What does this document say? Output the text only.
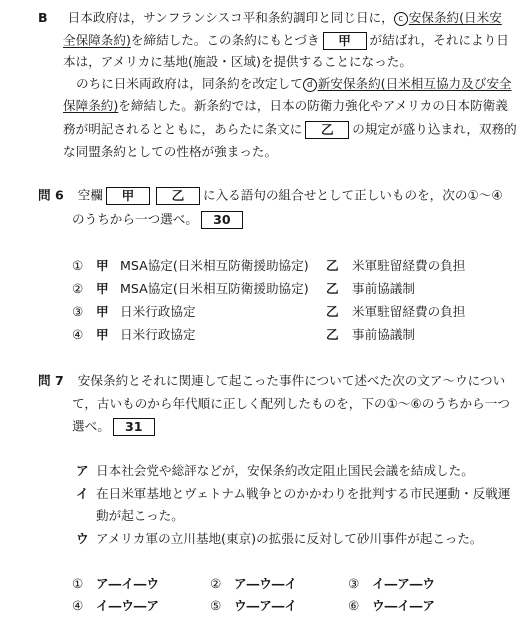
B 日本政府は，サンフランシスコ平和条約調印と同じ日に， c 安保条約(日米安
全保障条約)を締結した。この条約にもとづき 甲 が結ばれ，それにより日
本は，アメリカに基地(施設・区域)を提供することになった。
のちに日米両政府は，同条約を改定して d 新安保条約(日米相互協力及び安全
保障条約)を締結した。新条約では，日本の防衛力強化やアメリカの日本防衛義
務が明記されるとともに，あらたに条文に 乙 の規定が盛り込まれ，双務的
な同盟条約としての性格が強まった。
問 6 空欄 甲	乙 に入る語句の組合せとして正しいものを，次の①～④
のうちから一つ選べ。 30
① 甲 MSA協定(日米相互防衛援助協定) 乙 米軍駐留経費の負担
② 甲 MSA協定(日米相互防衛援助協定) 乙 事前協議制
③ 甲 日米行政協定	乙 米軍駐留経費の負担
④ 甲 日米行政協定	乙 事前協議制
問 7 安保条約とそれに関連して起こった事件について述べた次の文ア～ウについ
て，古いものから年代順に正しく配列したものを，下の①～⑥のうちから一つ
選べ。 31
ア 日本社会党や総評などが，安保条約改定阻止国民会議を結成した。
イ 在日米軍基地とヴェトナム戦争とのかかわりを批判する市民運動・反戦運
動が起こった。
ウ アメリカ軍の立川基地(東京)の拡張に反対して砂川事件が起こった。
① ア―イ―ウ	② ア―ウ―イ	③ イ―ア―ウ
④ イ―ウ―ア	⑤ ウ―ア―イ	⑥ ウ―イ―ア
